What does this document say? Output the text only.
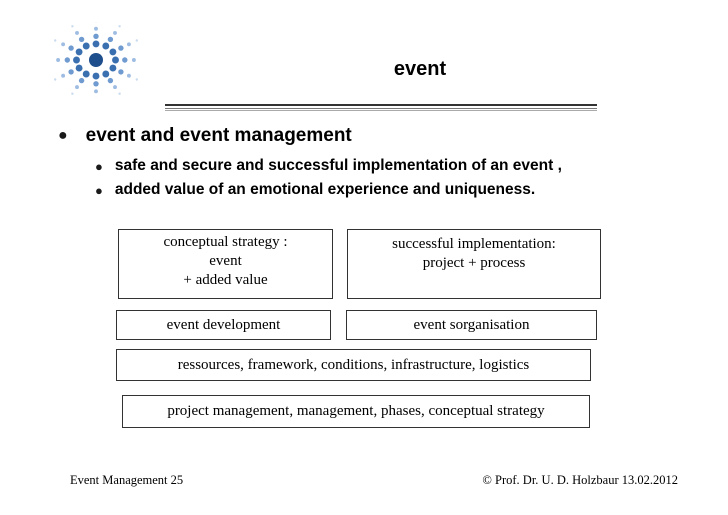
event
● event and event management
● safe and secure and successful implementation of an event ,
● added value of an emotional experience and uniqueness.
conceptual strategy :
event
+ added value
successful implementation:
project + process
event development	event sorganisation
ressources, framework, conditions, infrastructure, logistics
project management, management, phases, conceptual strategy
Event Management 25	© Prof. Dr. U. D. Holzbaur 13.02.2012
